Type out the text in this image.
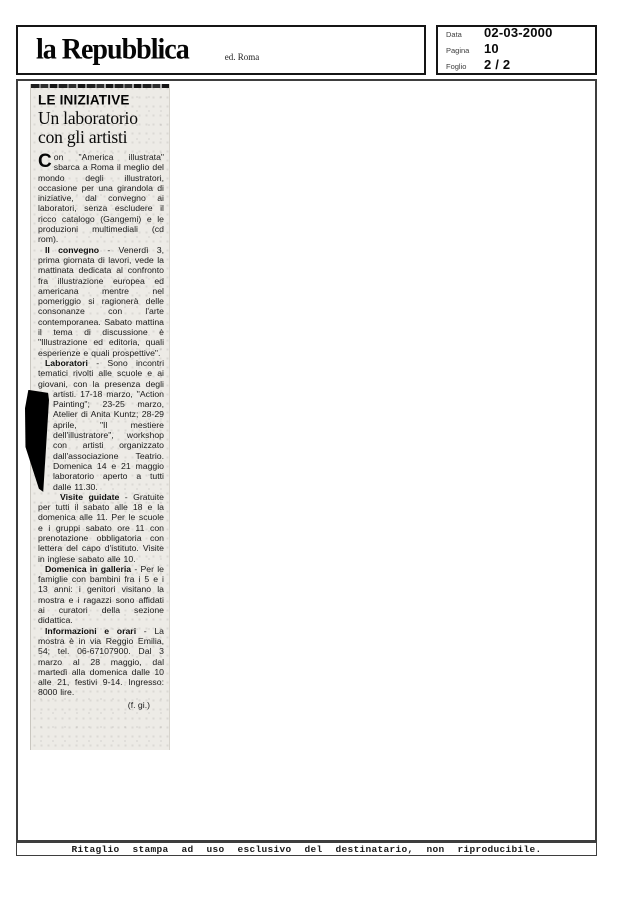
la Repubblica	ed. Roma
Data	02-03-2000
Pagina	10
Foglio	2 / 2
LE INIZIATIVE
Un laboratorio con gli artisti

Con "America illustrata" sbarca a Roma il meglio del mondo degli illustratori, occasione per una girandola di iniziative, dal convegno ai laboratori, senza escludere il ricco catalogo (Gangemi) e le produzioni multimediali (cd rom).

Il convegno - Venerdì 3, prima giornata di lavori, vede la mattinata dedicata al confronto fra illustrazione europea ed americana mentre nel pomeriggio si ragionerà delle consonanze con l'arte contemporanea. Sabato mattina il tema di discussione è "Illustrazione ed editoria, quali esperienze e quali prospettive".

Laboratori - Sono incontri tematici rivolti alle scuole e ai giovani, con la presenza degli artisti. 17-
18 marzo, "Action Painting"; 23-25 marzo, Atelier di Anita Kuntz; 28-29 aprile, "Il mestiere dell'illustratore", workshop con artisti organizzato dall'associazione Teatrio. Domenica 14 e 21 maggio laboratorio aperto a tutti dalle 11.30.

Visite guidate - Gratuite per tutti il sabato alle 18 e la domenica alle 11. Per le scuole e i gruppi sabato ore 11 con prenotazione obbligatoria con lettera del capo d'istituto. Visite in inglese sabato alle 10.

Domenica in galleria - Per le famiglie con bambini fra i 5 e i 13 anni: i genitori visitano la mostra e i ragazzi sono affidati ai curatori della sezione didattica.

Informazioni e orari - La mostra è in via Reggio Emilia, 54; tel. 06-67107900. Dal 3 marzo al 28 maggio, dal martedì alla domenica dalle 10 alle 21, festivi 9-14. Ingresso: 8000 lire.

(f. gi.)
Ritaglio stampa ad uso esclusivo del destinatario, non riproducibile.
